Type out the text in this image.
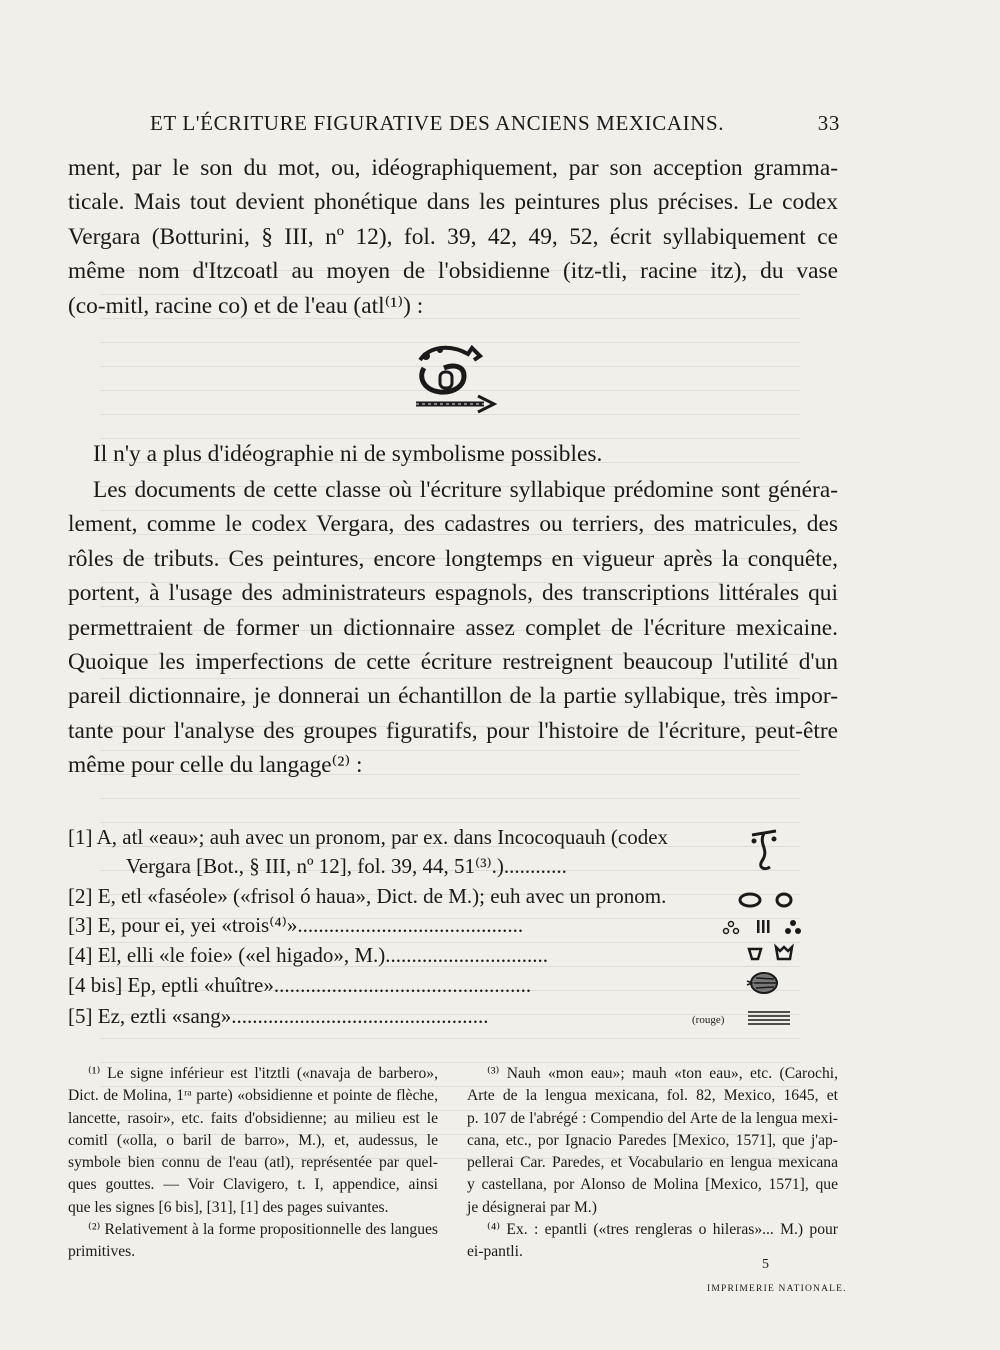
ET L'ÉCRITURE FIGURATIVE DES ANCIENS MEXICAINS.	33
ment, par le son du mot, ou, idéographiquement, par son acception gramma-
ticale. Mais tout devient phonétique dans les peintures plus précises. Le codex
Vergara (Botturini, § III, nº 12), fol. 39, 42, 49, 52, écrit syllabiquement ce
même nom d'Itzcoatl au moyen de l'obsidienne (itz-tli, racine itz), du vase
(co-mitl, racine co) et de l'eau (atl⁽¹⁾) :
Il n'y a plus d'idéographie ni de symbolisme possibles.
Les documents de cette classe où l'écriture syllabique prédomine sont généra-
lement, comme le codex Vergara, des cadastres ou terriers, des matricules, des
rôles de tributs. Ces peintures, encore longtemps en vigueur après la conquête,
portent, à l'usage des administrateurs espagnols, des transcriptions littérales qui
permettraient de former un dictionnaire assez complet de l'écriture mexicaine.
Quoique les imperfections de cette écriture restreignent beaucoup l'utilité d'un
pareil dictionnaire, je donnerai un échantillon de la partie syllabique, très impor-
tante pour l'analyse des groupes figuratifs, pour l'histoire de l'écriture, peut-être
même pour celle du langage⁽²⁾ :
[1] A, atl «eau»; auh avec un pronom, par ex. dans Incocoquauh (codex
Vergara [Bot., § III, nº 12], fol. 39, 44, 51⁽³⁾.)............
[2] E, etl «faséole» («frisol ó haua», Dict. de M.); euh avec un pronom.
[3] E, pour ei, yei «trois⁽⁴⁾»...........................................
[4] El, elli «le foie» («el higado», M.)...............................
[4 bis] Ep, eptli «huître».................................................
[5] Ez, eztli «sang».................................................	(rouge)
⁽¹⁾ Le signe inférieur est l'itztli («navaja de barbero»,
Dict. de Molina, 1ʳᵃ parte) «obsidienne et pointe de flèche,
lancette, rasoir», etc. faits d'obsidienne; au milieu est le
comitl («olla, o baril de barro», M.), et, audessus, le
symbole bien connu de l'eau (atl), représentée par quel-
ques gouttes. — Voir Clavigero, t. I, appendice, ainsi
que les signes [6 bis], [31], [1] des pages suivantes.
⁽²⁾ Relativement à la forme propositionnelle des langues
primitives.
⁽³⁾ Nauh «mon eau»; mauh «ton eau», etc. (Carochi,
Arte de la lengua mexicana, fol. 82, Mexico, 1645, et
p. 107 de l'abrégé : Compendio del Arte de la lengua mexi-
cana, etc., por Ignacio Paredes [Mexico, 1571], que j'ap-
pellerai Car. Paredes, et Vocabulario en lengua mexicana
y castellana, por Alonso de Molina [Mexico, 1571], que
je désignerai par M.)
⁽⁴⁾ Ex. : epantli («tres rengleras o hileras»... M.) pour
ei-pantli.
5
IMPRIMERIE NATIONALE.
